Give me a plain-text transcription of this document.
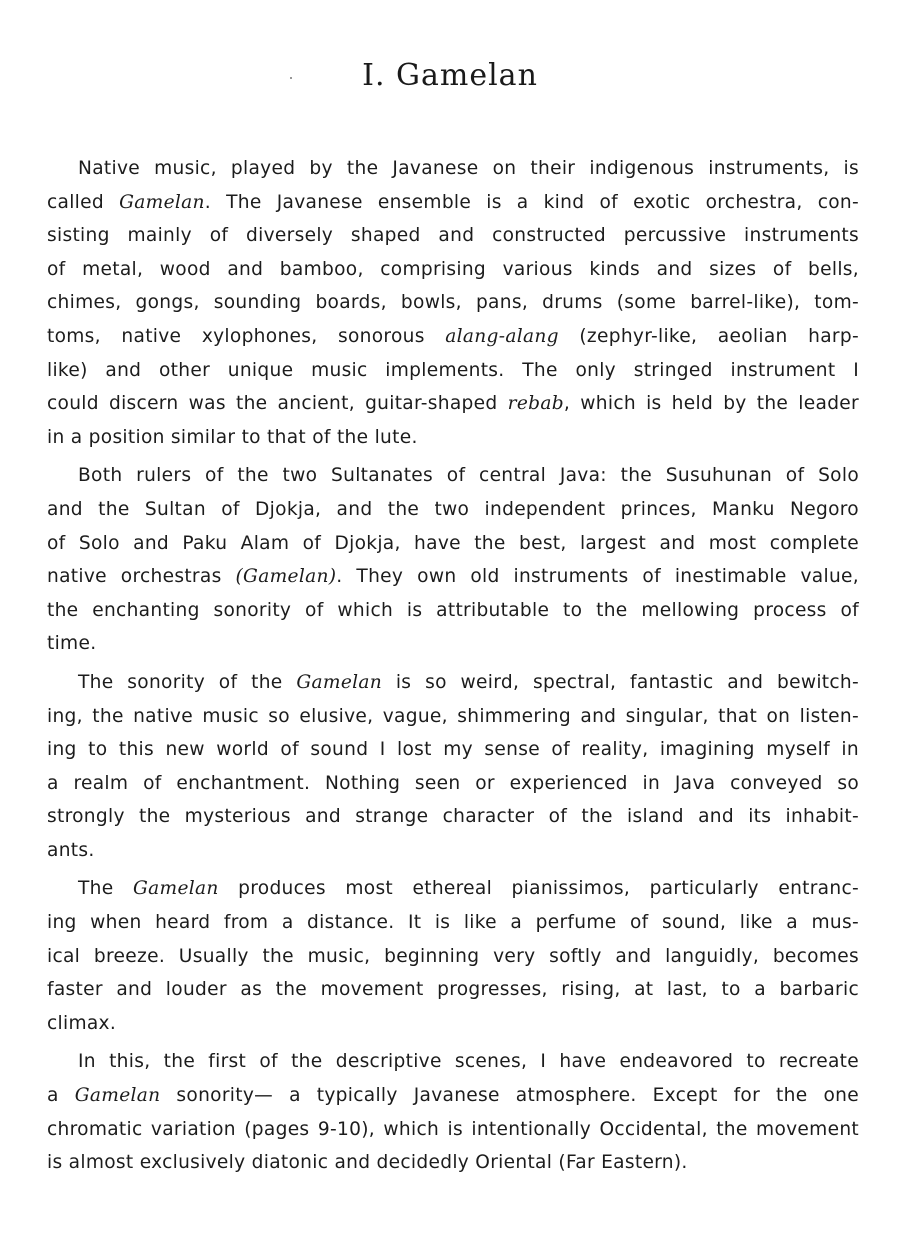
I. Gamelan

Native music, played by the Javanese on their indigenous instruments, is
called Gamelan. The Javanese ensemble is a kind of exotic orchestra, con-
sisting mainly of diversely shaped and constructed percussive instruments
of metal, wood and bamboo, comprising various kinds and sizes of bells,
chimes, gongs, sounding boards, bowls, pans, drums (some barrel-like), tom-
toms, native xylophones, sonorous alang-alang (zephyr-like, aeolian harp-
like) and other unique music implements. The only stringed instrument I
could discern was the ancient, guitar-shaped rebab, which is held by the leader
in a position similar to that of the lute.

Both rulers of the two Sultanates of central Java: the Susuhunan of Solo
and the Sultan of Djokja, and the two independent princes, Manku Negoro
of Solo and Paku Alam of Djokja, have the best, largest and most complete
native orchestras (Gamelan). They own old instruments of inestimable value,
the enchanting sonority of which is attributable to the mellowing process of
time.

The sonority of the Gamelan is so weird, spectral, fantastic and bewitch-
ing, the native music so elusive, vague, shimmering and singular, that on listen-
ing to this new world of sound I lost my sense of reality, imagining myself in
a realm of enchantment. Nothing seen or experienced in Java conveyed so
strongly the mysterious and strange character of the island and its inhabit-
ants.

The Gamelan produces most ethereal pianissimos, particularly entranc-
ing when heard from a distance. It is like a perfume of sound, like a mus-
ical breeze. Usually the music, beginning very softly and languidly, becomes
faster and louder as the movement progresses, rising, at last, to a barbaric
climax.

In this, the first of the descriptive scenes, I have endeavored to recreate
a Gamelan sonority— a typically Javanese atmosphere. Except for the one
chromatic variation (pages 9-10), which is intentionally Occidental, the movement
is almost exclusively diatonic and decidedly Oriental (Far Eastern).
